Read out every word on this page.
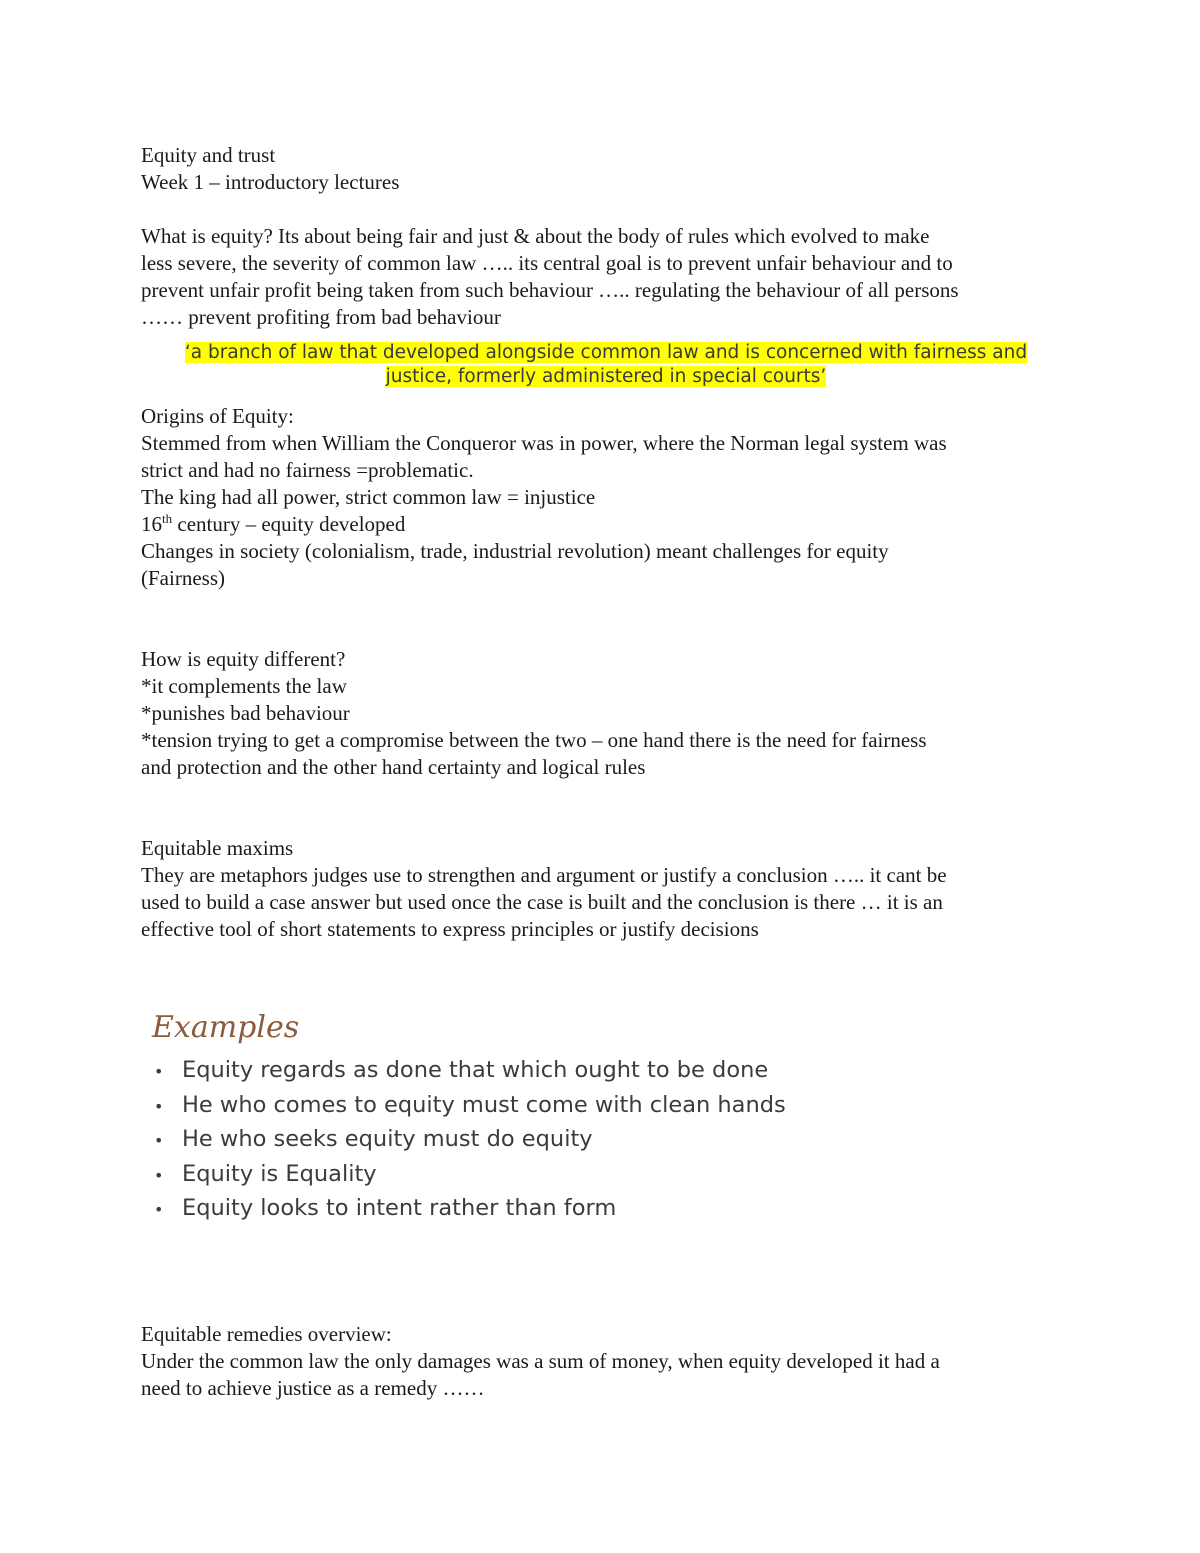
Equity and trust
Week 1 – introductory lectures
What is equity? Its about being fair and just & about the body of rules which evolved to make
less severe, the severity of common law ….. its central goal is to prevent unfair behaviour and to
prevent unfair profit being taken from such behaviour ….. regulating the behaviour of all persons
…… prevent profiting from bad behaviour
‘a branch of law that developed alongside common law and is concerned with fairness and
justice, formerly administered in special courts’
Origins of Equity:
Stemmed from when William the Conqueror was in power, where the Norman legal system was
strict and had no fairness =problematic.
The king had all power, strict common law = injustice
16th century – equity developed
Changes in society (colonialism, trade, industrial revolution) meant challenges for equity
(Fairness)
How is equity different?
*it complements the law
*punishes bad behaviour
*tension trying to get a compromise between the two – one hand there is the need for fairness
and protection and the other hand certainty and logical rules
Equitable maxims
They are metaphors judges use to strengthen and argument or justify a conclusion ….. it cant be
used to build a case answer but used once the case is built and the conclusion is there … it is an
effective tool of short statements to express principles or justify decisions
Examples
• Equity regards as done that which ought to be done
• He who comes to equity must come with clean hands
• He who seeks equity must do equity
• Equity is Equality
• Equity looks to intent rather than form
Equitable remedies overview:
Under the common law the only damages was a sum of money, when equity developed it had a
need to achieve justice as a remedy ……
